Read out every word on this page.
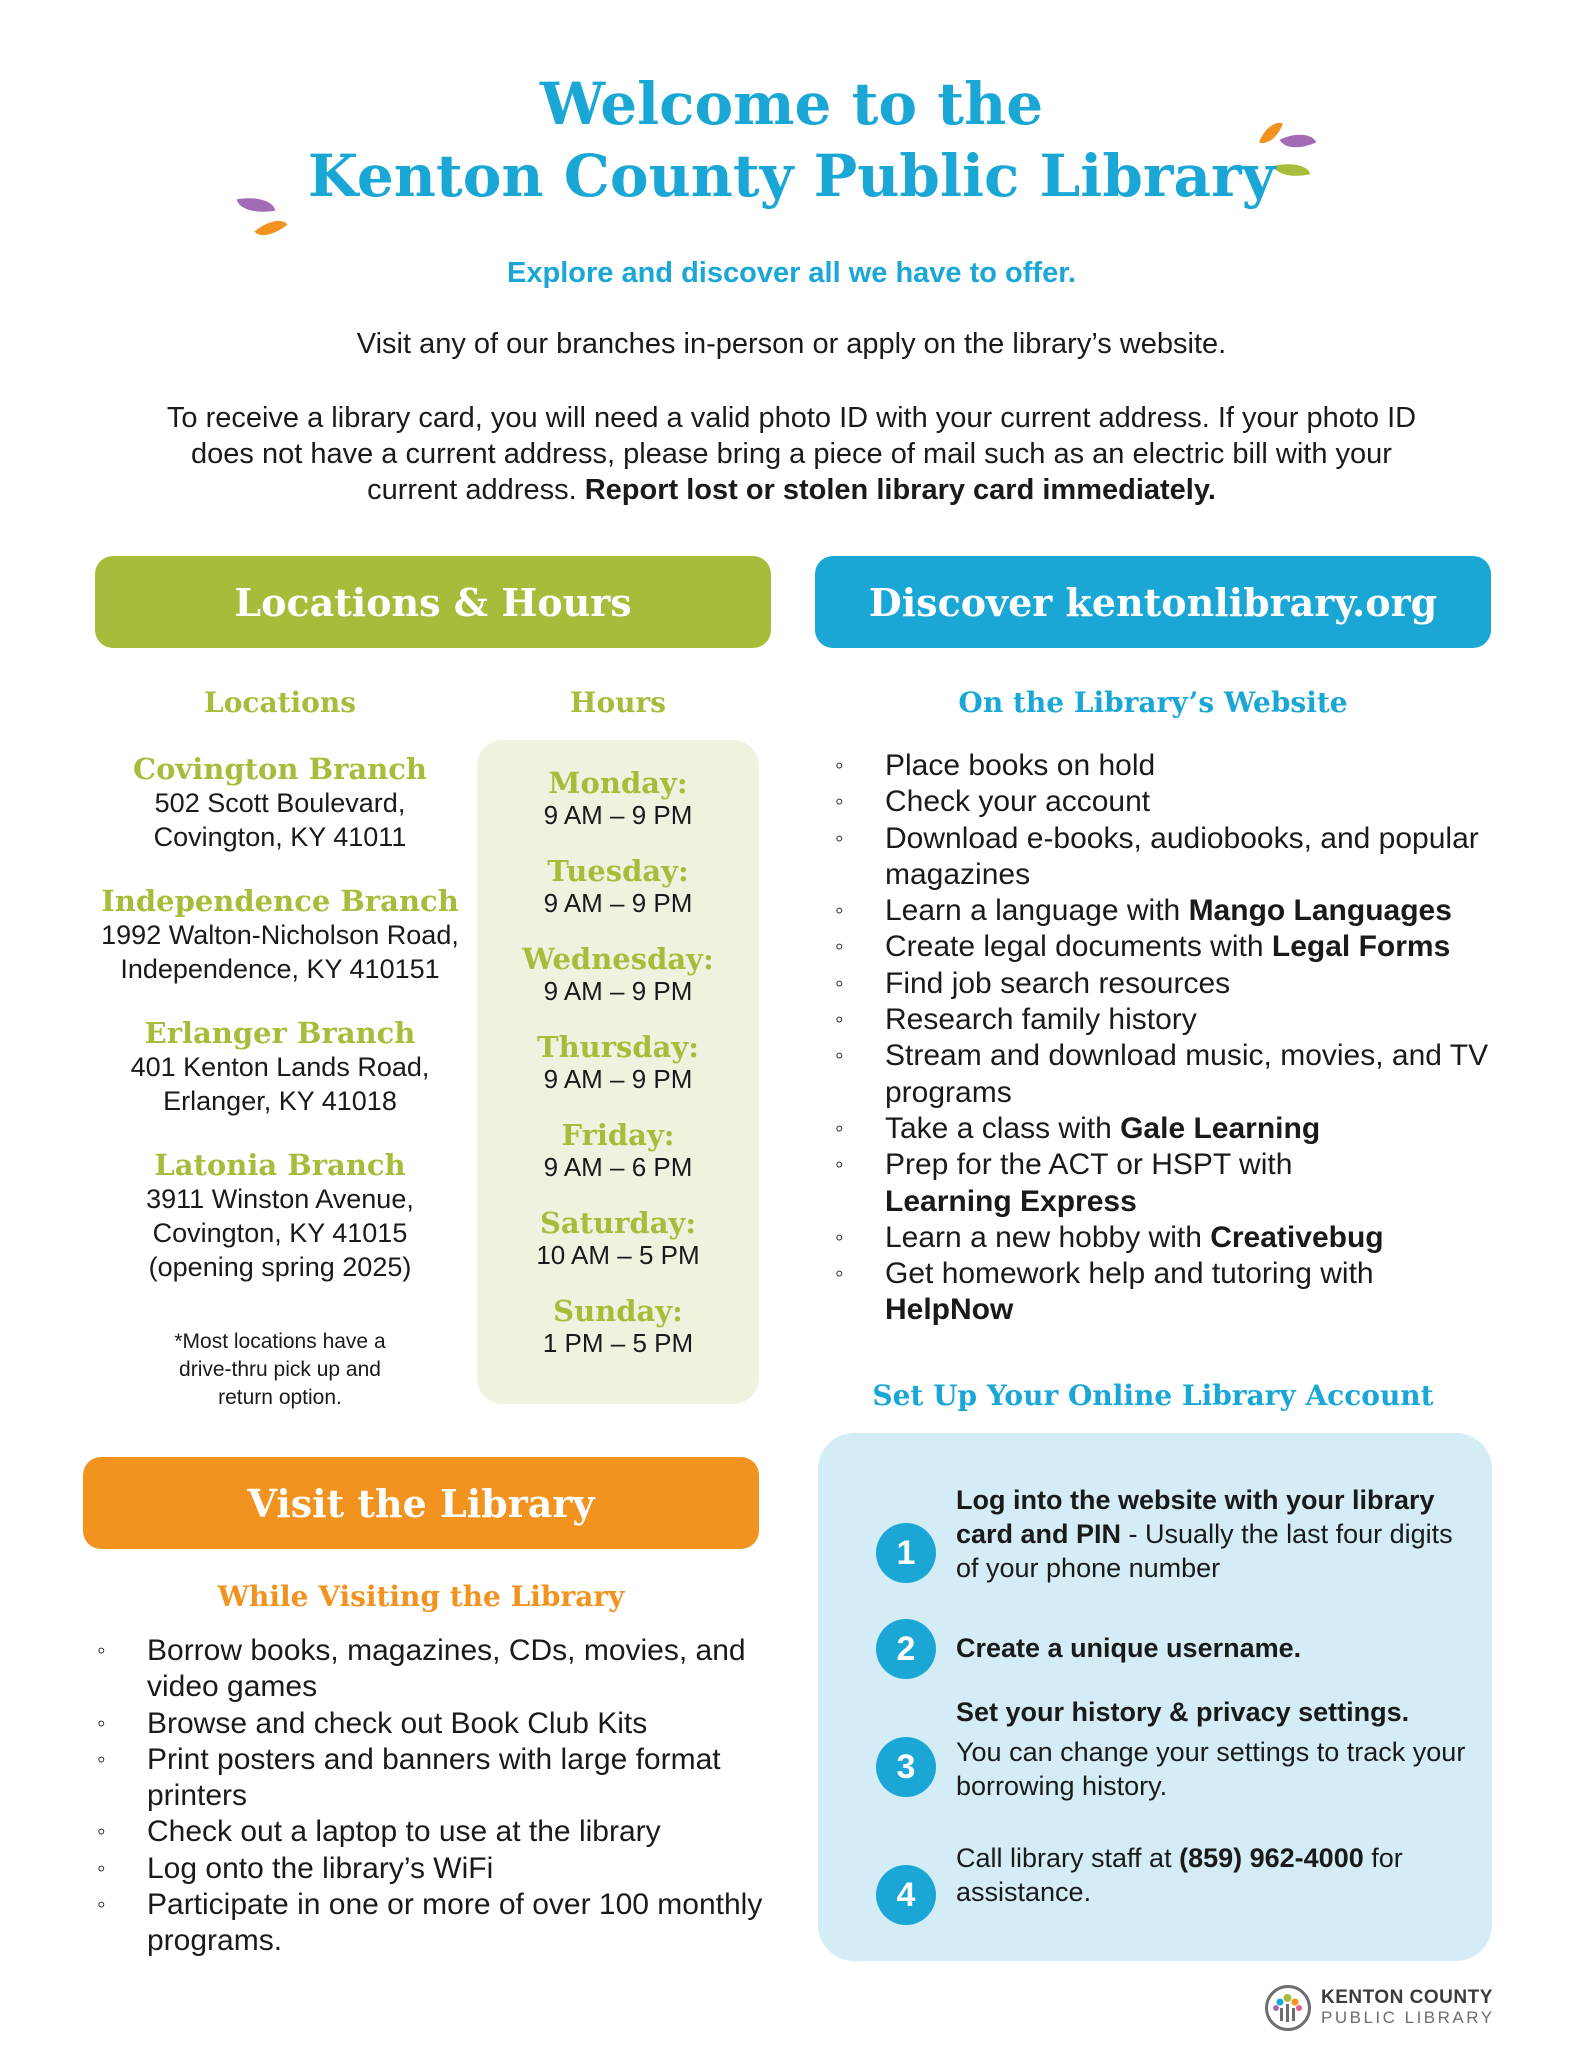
Welcome to the
Kenton County Public Library
Explore and discover all we have to offer.
Visit any of our branches in-person or apply on the library’s website.
To receive a library card, you will need a valid photo ID with your current address. If your photo ID does not have a current address, please bring a piece of mail such as an electric bill with your current address. Report lost or stolen library card immediately.
Locations & Hours	Discover kentonlibrary.org
Visit the Library
Locations	Hours
Covington Branch
502 Scott Boulevard,
Covington, KY 41011
Independence Branch
1992 Walton-Nicholson Road,
Independence, KY 410151
Erlanger Branch
401 Kenton Lands Road,
Erlanger, KY 41018
Latonia Branch
3911 Winston Avenue,
Covington, KY 41015
(opening spring 2025)
*Most locations have a
drive-thru pick up and
return option.
Monday:
9 AM – 9 PM
Tuesday:
9 AM – 9 PM
Wednesday:
9 AM – 9 PM
Thursday:
9 AM – 9 PM
Friday:
9 AM – 6 PM
Saturday:
10 AM – 5 PM
Sunday:
1 PM – 5 PM
On the Library’s Website
◦ Place books on hold
◦ Check your account
◦ Download e-books, audiobooks, and popular magazines
◦ Learn a language with Mango Languages
◦ Create legal documents with Legal Forms
◦ Find job search resources
◦ Research family history
◦ Stream and download music, movies, and TV programs
◦ Take a class with Gale Learning
◦ Prep for the ACT or HSPT with
Learning Express
◦ Learn a new hobby with Creativebug
◦ Get homework help and tutoring with
HelpNow
Set Up Your Online Library Account
1
Log into the website with your library card and PIN - Usually the last four digits of your phone number
2	Create a unique username.
3
Set your history & privacy settings.
You can change your settings to track your borrowing history.
4
Call library staff at (859) 962-4000 for assistance.
While Visiting the Library
◦ Borrow books, magazines, CDs, movies, and video games
◦ Browse and check out Book Club Kits
◦ Print posters and banners with large format printers
◦ Check out a laptop to use at the library
◦ Log onto the library’s WiFi
◦ Participate in one or more of over 100 monthly programs.
KENTON COUNTY
PUBLIC LIBRARY
